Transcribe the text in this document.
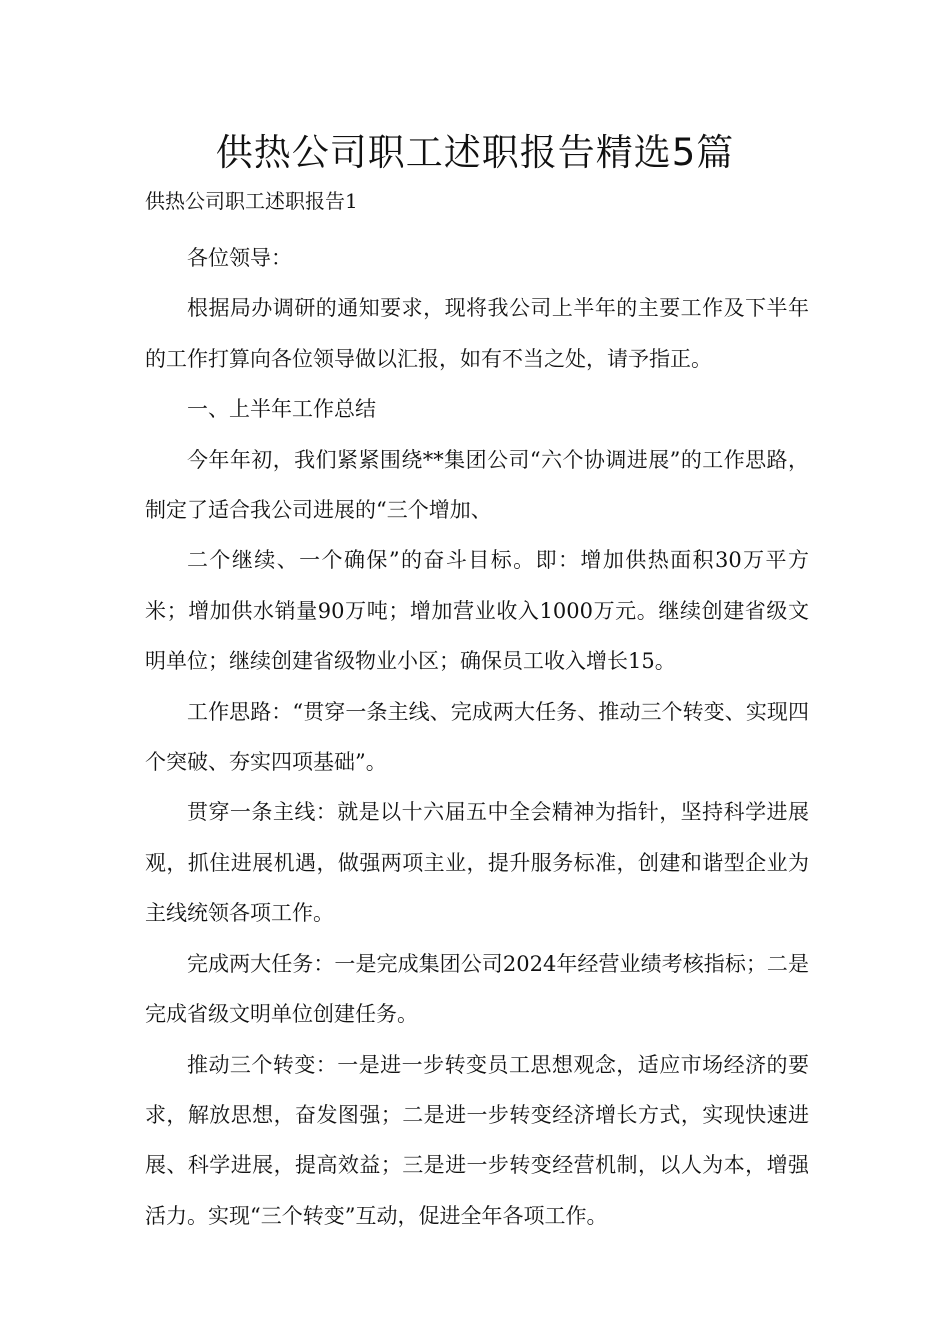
供热公司职工述职报告精选5篇

供热公司职工述职报告1

各位领导：

根据局办调研的通知要求，现将我公司上半年的主要工作及下半年的工作打算向各位领导做以汇报，如有不当之处，请予指正。

一、上半年工作总结

今年年初，我们紧紧围绕**集团公司“六个协调进展”的工作思路，制定了适合我公司进展的“三个增加、

二个继续、一个确保”的奋斗目标。即：增加供热面积30万平方米；增加供水销量90万吨；增加营业收入1000万元。继续创建省级文明单位；继续创建省级物业小区；确保员工收入增长15。

工作思路：“贯穿一条主线、完成两大任务、推动三个转变、实现四个突破、夯实四项基础”。

贯穿一条主线：就是以十六届五中全会精神为指针，坚持科学进展观，抓住进展机遇，做强两项主业，提升服务标准，创建和谐型企业为主线统领各项工作。

完成两大任务：一是完成集团公司2024年经营业绩考核指标；二是完成省级文明单位创建任务。

推动三个转变：一是进一步转变员工思想观念，适应市场经济的要求，解放思想，奋发图强；二是进一步转变经济增长方式，实现快速进展、科学进展，提高效益；三是进一步转变经营机制，以人为本，增强活力。实现“三个转变”互动，促进全年各项工作。
